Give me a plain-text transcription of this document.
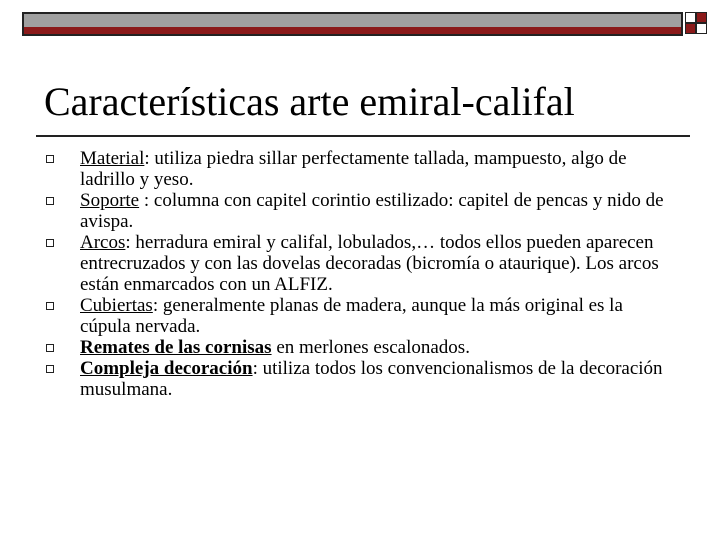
Características arte emiral-califal
Material: utiliza piedra sillar perfectamente tallada, mampuesto, algo de ladrillo y yeso.
Soporte : columna con capitel corintio estilizado: capitel de pencas y nido de avispa.
Arcos: herradura emiral y califal, lobulados,… todos ellos pueden aparecen entrecruzados y con las dovelas decoradas (bicromía o ataurique). Los arcos están enmarcados con un ALFIZ.
Cubiertas: generalmente planas de madera, aunque la más original es la cúpula nervada.
Remates de las cornisas en merlones escalonados.
Compleja decoración: utiliza todos los convencionalismos de la decoración musulmana.
